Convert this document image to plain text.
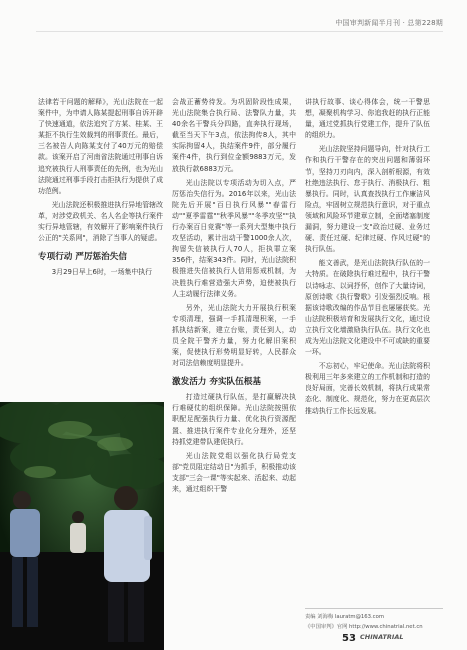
中国审判新闻半月刊 · 总第228期

法律若干问题的解释》，光山法院在一起案件中，为申请人陈某提起刑事自诉开辟了快速通道，依法追究了方某、桂某、王某拒不执行生效裁判的刑事责任。最后，三名被告人向陈某支付了40万元的赔偿款。该案开启了河南省法院通过刑事自诉追究被执行人刑事责任的先例，也为光山法院通过刑事手段打击拒执行为提供了成功范例。

光山法院还积极推进执行异地管辖改革，对涉党政机关、名人名企等执行案件实行异地管辖，有效解开了影响案件执行公正的"关系网"，消除了当事人的疑虑。

专项行动 严厉惩治失信

3月29日早上6时，一场集中执行

会战正蓄势待发。为巩固阶段性成果，光山法院集合执行局、法警队力量，共40余名干警兵分四路，直奔执行现场，截至当天下午3点，依法拘传8人，其中实际拘留4人，执结案件9件，部分履行案件4件，执行到位金额9883万元，发放执行款6883万元。

光山法院以专项活动为切入点，严厉惩治失信行为。2016年以来，光山法院先后开展"百日执行风暴""春雷行动""夏季雷霆""秋季风暴""冬季攻坚""执行办案百日竞赛"等一系列大型集中执行攻坚活动，累计出动干警1000余人次，拘留失信被执行人70人，拒执罪立案356件，结案343件。同时，光山法院积极推进失信被执行人信用惩戒机制，为决胜执行难营造强大声势，迫使被执行人主动履行法律义务。

另外，光山法院大力开展执行积案专项清理，强调一手抓清理积案，一手抓执结新案，建立台账，责任到人，动员全院干警齐力量，努力化解旧案积案，促使执行形势明显好转，人民群众对司法信赖度明显提升。

激发活力 夯实队伍根基

打造过硬执行队伍，是打赢解决执行难硬仗的组织保障。光山法院按照依职配足配强执行力量、优化执行资源配置、推进执行案件专业化分理外，还坚持抓党建带队建促执行。

光山法院党组以强化执行局党支部"党员阻定结动日"为抓手，积极推动该支部"三会一课"等实起来、活起来、动起来，通过组织干警

讲执行故事、谈心得体会，统一干警思想，凝聚机构学习、你追我赶的执行正能量，通过党抓执行党建工作，提升了队伍的组织力。

光山法院坚持问题导向，针对执行工作和执行干警存在的突出问题和薄弱环节，坚持刀刃向内，深入剖析根源，有效杜绝违法执行、怠于执行、消极执行、粗暴执行。同时，认真查找执行工作廉洁风险点，牢固树立规范执行意识，对于重点领域和风险环节建章立制，全面堵塞制度漏洞，努力建设一支"政治过硬、业务过硬、责任过硬、纪律过硬、作风过硬"的执行队伍。

能文善武，是光山法院执行队伍的一大特质。在破除执行难过程中，执行干警以诗咏志、以词抒怀，创作了大量诗词，原创诗歌《执行警歌》引发强烈反响。根据该诗歌改编的作品节目也屡屡获奖。光山法院积极培育和发展执行文化，通过设立执行文化墙激励执行队伍。执行文化也成为光山法院文化建设中不可或缺的重要一环。

不忘初心，牢记使命。光山法院将积极利用三年多来建立的工作机制和打造的良好局面，完善长效机制，将执行成果常态化、制度化、规范化，努力在更高层次推动执行工作长远发展。

责编 刘海梅 lauratm@163.com
《中国审判》官网 http://www.chinatrial.net.cn
53 CHINATRIAL
